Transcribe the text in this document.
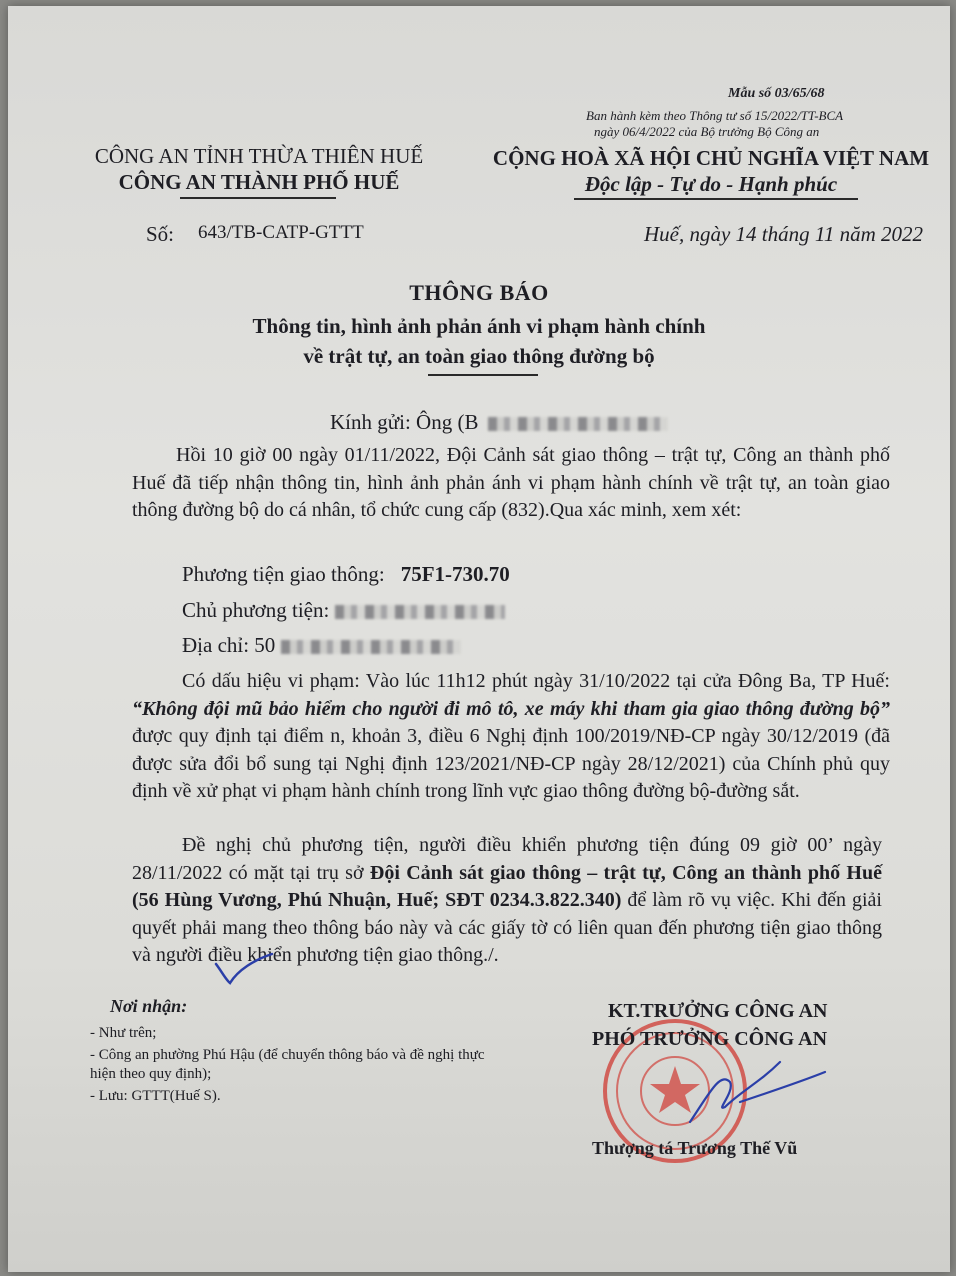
Mẫu số 03/65/68
Ban hành kèm theo Thông tư số 15/2022/TT-BCA
ngày 06/4/2022 của Bộ trưởng Bộ Công an
CÔNG AN TỈNH THỪA THIÊN HUẾ
CÔNG AN THÀNH PHỐ HUẾ
CỘNG HOÀ XÃ HỘI CHỦ NGHĨA VIỆT NAM
Độc lập - Tự do - Hạnh phúc
Số: 643/TB-CATP-GTTT	Huế, ngày 14 tháng 11 năm 2022
THÔNG BÁO
Thông tin, hình ảnh phản ánh vi phạm hành chính
về trật tự, an toàn giao thông đường bộ
Kính gửi: Ông (B

Hồi 10 giờ 00 ngày 01/11/2022, Đội Cảnh sát giao thông – trật tự, Công an thành phố Huế đã tiếp nhận thông tin, hình ảnh phản ánh vi phạm hành chính về trật tự, an toàn giao thông đường bộ do cá nhân, tổ chức cung cấp (832).Qua xác minh, xem xét:

Phương tiện giao thông: 75F1-730.70
Chủ phương tiện:
Địa chỉ: 50

Có dấu hiệu vi phạm: Vào lúc 11h12 phút ngày 31/10/2022 tại cửa Đông Ba, TP Huế: “Không đội mũ bảo hiểm cho người đi mô tô, xe máy khi tham gia giao thông đường bộ” được quy định tại điểm n, khoản 3, điều 6 Nghị định 100/2019/NĐ-CP ngày 30/12/2019 (đã được sửa đổi bổ sung tại Nghị định 123/2021/NĐ-CP ngày 28/12/2021) của Chính phủ quy định về xử phạt vi phạm hành chính trong lĩnh vực giao thông đường bộ-đường sắt.

Đề nghị chủ phương tiện, người điều khiển phương tiện đúng 09 giờ 00’ ngày 28/11/2022 có mặt tại trụ sở Đội Cảnh sát giao thông – trật tự, Công an thành phố Huế (56 Hùng Vương, Phú Nhuận, Huế; SĐT 0234.3.822.340) để làm rõ vụ việc. Khi đến giải quyết phải mang theo thông báo này và các giấy tờ có liên quan đến phương tiện giao thông và người điều khiển phương tiện giao thông./.

Nơi nhận:
- Như trên;
- Công an phường Phú Hậu (để chuyển thông báo và đề nghị thực hiện theo quy định);
- Lưu: GTTT(Huế S).
KT.TRƯỞNG CÔNG AN
PHÓ TRƯỞNG CÔNG AN
Thượng tá Trương Thế Vũ
